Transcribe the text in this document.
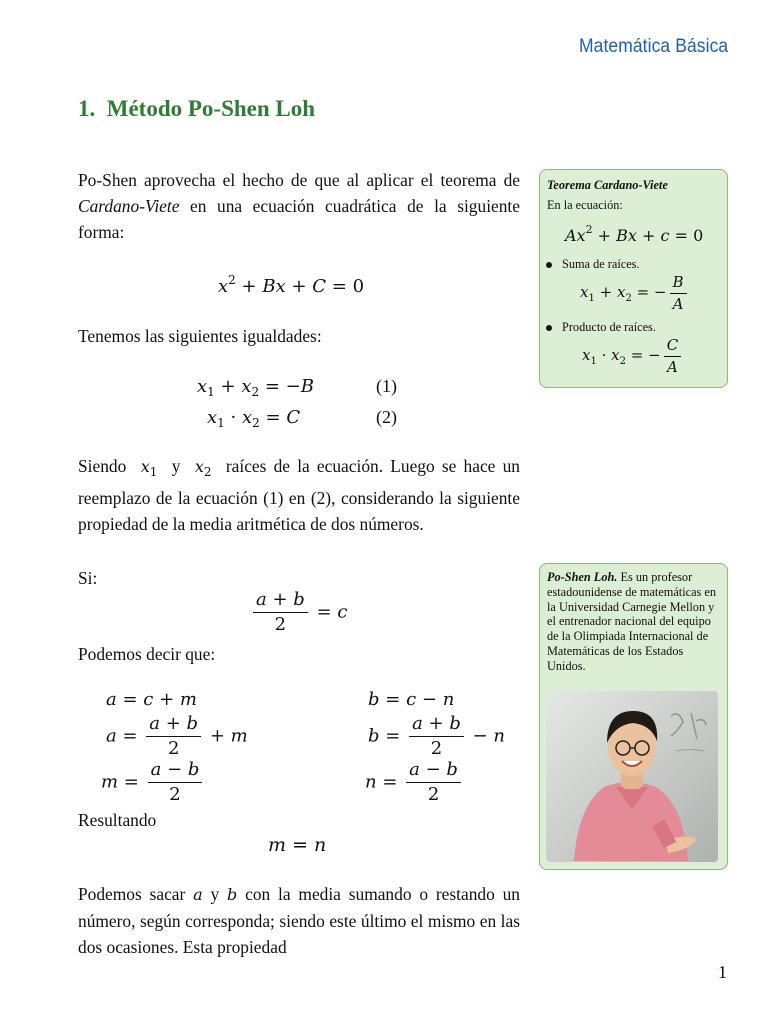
Matemática Básica
1. Método Po-Shen Loh
Po-Shen aprovecha el hecho de que al aplicar el teorema de Cardano-Viete en una ecuación cuadrática de la siguiente forma:
$x^2 + Bx + C = 0$
Tenemos las siguientes igualdades:
$x_1 + x_2 = -B$	(1)
$x_1 \cdot x_2 = C$	(2)
Siendo $x_1$ y $x_2$ raíces de la ecuación. Luego se hace un reemplazo de la ecuación (1) en (2), considerando la siguiente propiedad de la media aritmética de dos números.
Si:
$\frac{a + b}{2} = c$
Podemos decir que:
a = c + m
$a = \frac{a + b}{2} + m$
$m = \frac{a - b}{2}$
b = c − n
$b = \frac{a + b}{2} - n$
$n = \frac{a - b}{2}$
Resultando
m = n
Podemos sacar a y b con la media sumando o restando un número, según corresponda; siendo este último el mismo en las dos ocasiones. Esta propiedad
Teorema Cardano-Viete
En la ecuación:
$Ax^2 + Bx + c = 0$
Suma de raíces.
$x_1 + x_2$ = − $\frac{B}{A}$
Producto de raíces.
$x_1 \cdot x_2$ = − $\frac{C}{A}$
Po-Shen Loh. Es un profesor estadounidense de matemáticas en la Universidad Carnegie Mellon y el entrenador nacional del equipo de la Olimpiada Internacional de Matemáticas de los Estados Unidos.
1
